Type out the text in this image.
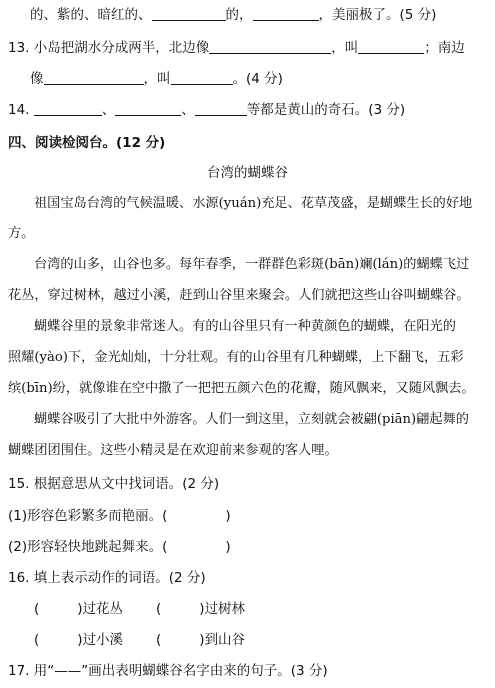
的、紫的、暗红的、	的，	，美丽极了。(5 分)
13. 小岛把湖水分成两半，北边像	，叫	；南边
像	，叫	。(4 分)
14.	、	、	等都是黄山的奇石。(3 分)
四、阅读检阅台。(12 分)
台湾的蝴蝶谷
祖国宝岛台湾的气候温暖、水源(yuán)充足、花草茂盛，是蝴蝶生长的好地
方。
台湾的山多，山谷也多。每年春季，一群群色彩斑(bān)斓(lán)的蝴蝶飞过
花丛，穿过树林，越过小溪，赶到山谷里来聚会。人们就把这些山谷叫蝴蝶谷。
蝴蝶谷里的景象非常迷人。有的山谷里只有一种黄颜色的蝴蝶，在阳光的
照耀(yào)下，金光灿灿，十分壮观。有的山谷里有几种蝴蝶，上下翻飞，五彩
缤(bīn)纷，就像谁在空中撒了一把把五颜六色的花瓣，随风飘来，又随风飘去。
蝴蝶谷吸引了大批中外游客。人们一到这里，立刻就会被翩(piān)翩起舞的
蝴蝶团团围住。这些小精灵是在欢迎前来参观的客人哩。
15. 根据意思从文中找词语。(2 分)
(1)形容色彩繁多而艳丽。(	)
(2)形容轻快地跳起舞来。(	)
16. 填上表示动作的词语。(2 分)
(	)过花丛 (	)过树林
(	)过小溪 (	)到山谷
17. 用“——”画出表明蝴蝶谷名字由来的句子。(3 分)
